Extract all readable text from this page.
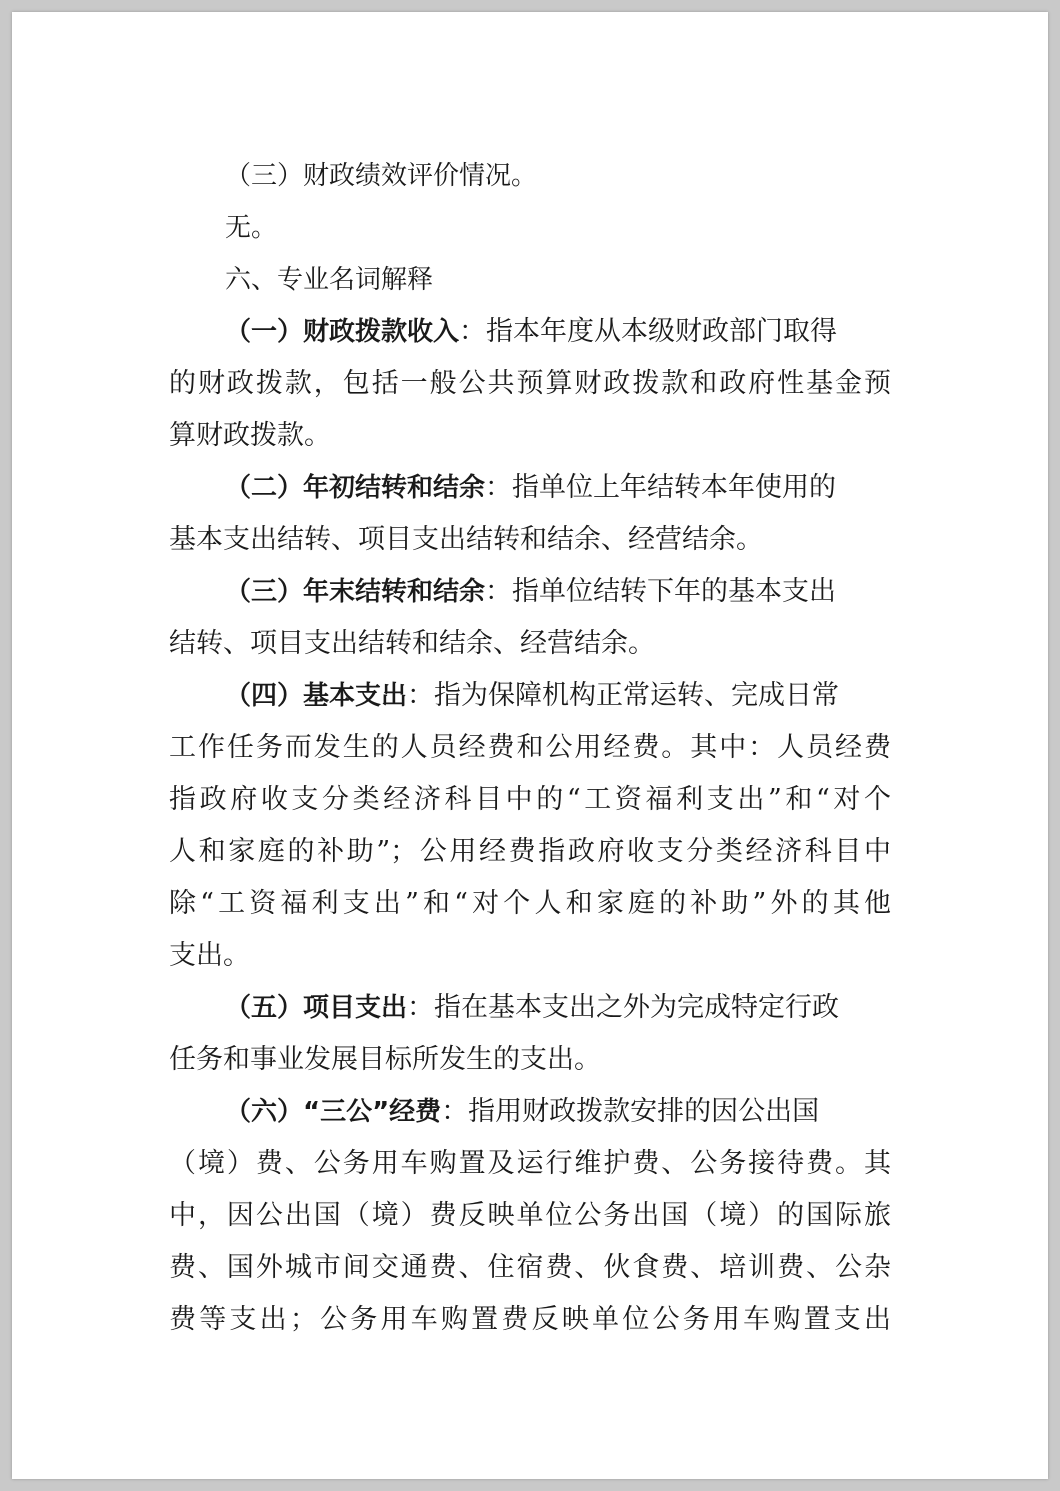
（三）财政绩效评价情况。
无。
六、专业名词解释
（一）财政拨款收入：指本年度从本级财政部门取得
的财政拨款，包括一般公共预算财政拨款和政府性基金预
算财政拨款。
（二）年初结转和结余：指单位上年结转本年使用的
基本支出结转、项目支出结转和结余、经营结余。
（三）年末结转和结余：指单位结转下年的基本支出
结转、项目支出结转和结余、经营结余。
（四）基本支出：指为保障机构正常运转、完成日常
工作任务而发生的人员经费和公用经费。其中：人员经费
指政府收支分类经济科目中的“工资福利支出”和“对个
人和家庭的补助”；公用经费指政府收支分类经济科目中
除“工资福利支出”和“对个人和家庭的补助”外的其他
支出。
（五）项目支出：指在基本支出之外为完成特定行政
任务和事业发展目标所发生的支出。
（六）“三公”经费：指用财政拨款安排的因公出国
（境）费、公务用车购置及运行维护费、公务接待费。其
中，因公出国（境）费反映单位公务出国（境）的国际旅
费、国外城市间交通费、住宿费、伙食费、培训费、公杂
费等支出；公务用车购置费反映单位公务用车购置支出
